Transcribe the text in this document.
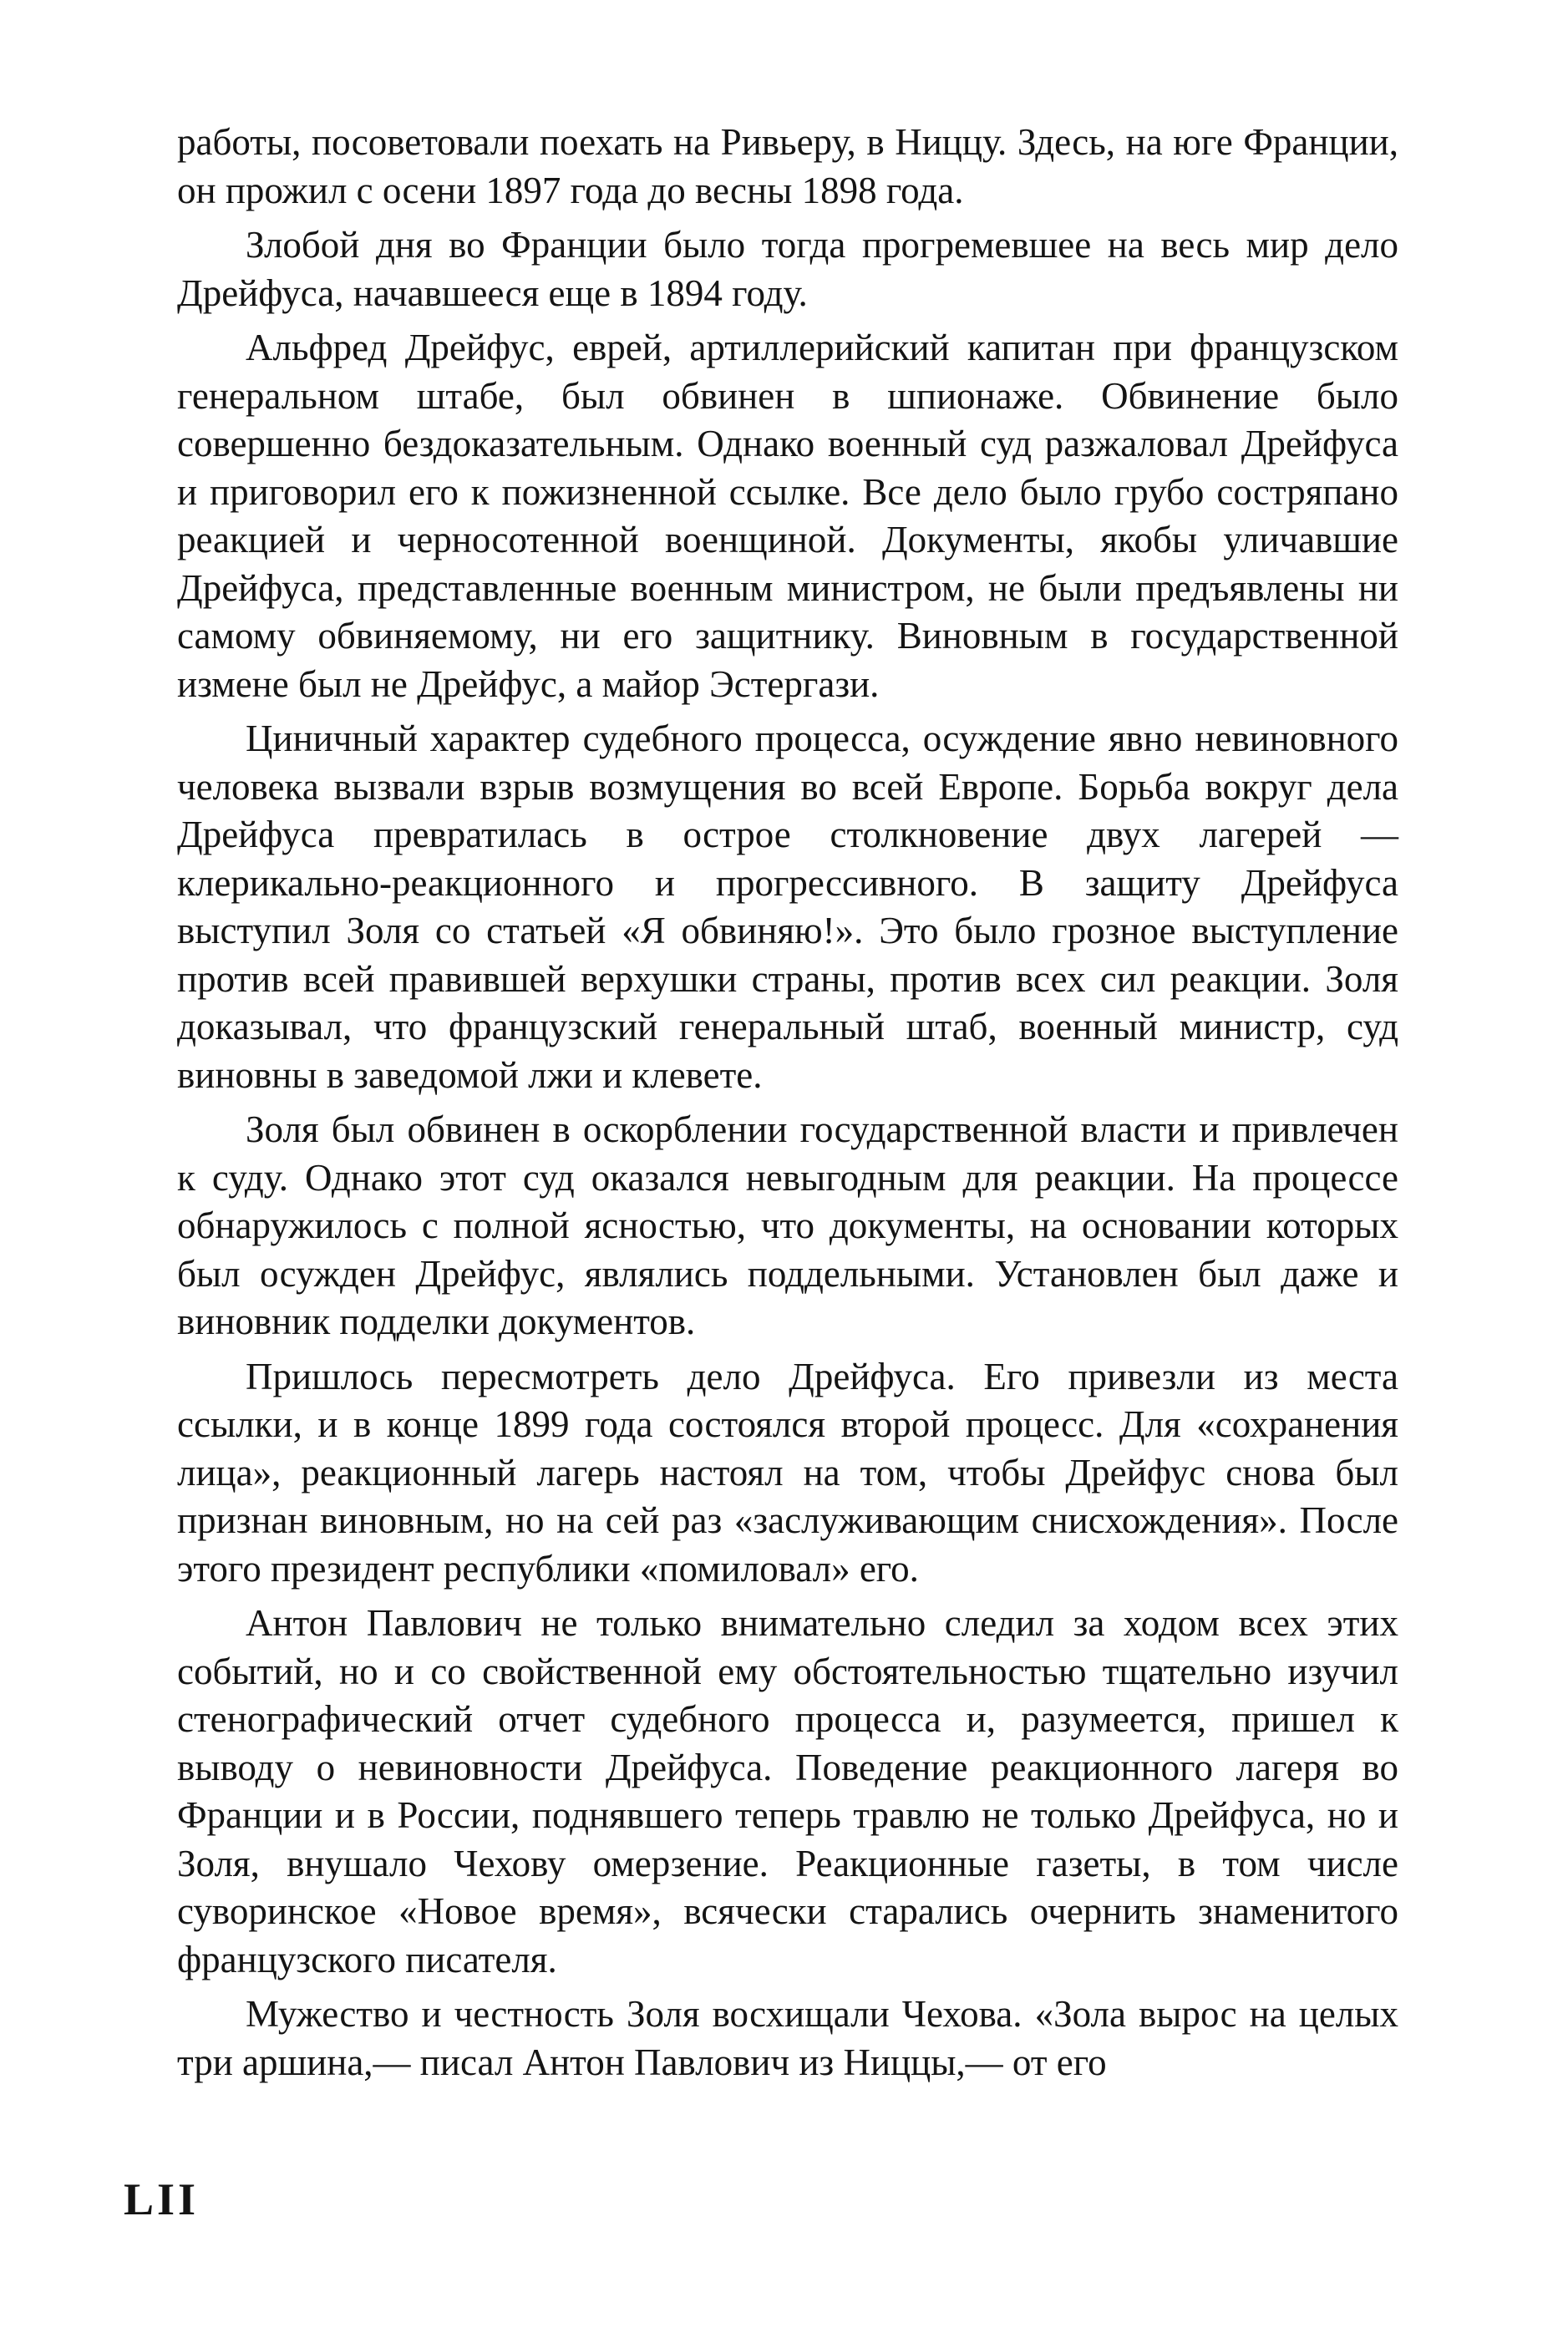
работы, посоветовали поехать на Ривьеру, в Ниццу. Здесь, на юге Франции, он прожил с осени 1897 года до весны 1898 года.

Злобой дня во Франции было тогда прогремевшее на весь мир дело Дрейфуса, начавшееся еще в 1894 году.

Альфред Дрейфус, еврей, артиллерийский капитан при французском генеральном штабе, был обвинен в шпионаже. Обвинение было совершенно бездоказательным. Однако военный суд разжаловал Дрейфуса и приговорил его к пожизненной ссылке. Все дело было грубо состряпано реакцией и черносотенной военщиной. Документы, якобы уличавшие Дрейфуса, представленные военным министром, не были предъявлены ни самому обвиняемому, ни его защитнику. Виновным в государственной измене был не Дрейфус, а майор Эстергази.

Циничный характер судебного процесса, осуждение явно невиновного человека вызвали взрыв возмущения во всей Европе. Борьба вокруг дела Дрейфуса превратилась в острое столкновение двух лагерей — клерикально-реакционного и прогрессивного. В защиту Дрейфуса выступил Золя со статьей «Я обвиняю!». Это было грозное выступление против всей правившей верхушки страны, против всех сил реакции. Золя доказывал, что французский генеральный штаб, военный министр, суд виновны в заведомой лжи и клевете.

Золя был обвинен в оскорблении государственной власти и привлечен к суду. Однако этот суд оказался невыгодным для реакции. На процессе обнаружилось с полной ясностью, что документы, на основании которых был осужден Дрейфус, являлись поддельными. Установлен был даже и виновник подделки документов.

Пришлось пересмотреть дело Дрейфуса. Его привезли из места ссылки, и в конце 1899 года состоялся второй процесс. Для «сохранения лица», реакционный лагерь настоял на том, чтобы Дрейфус снова был признан виновным, но на сей раз «заслуживающим снисхождения». После этого президент республики «помиловал» его.

Антон Павлович не только внимательно следил за ходом всех этих событий, но и со свойственной ему обстоятельностью тщательно изучил стенографический отчет судебного процесса и, разумеется, пришел к выводу о невиновности Дрейфуса. Поведение реакционного лагеря во Франции и в России, поднявшего теперь травлю не только Дрейфуса, но и Золя, внушало Чехову омерзение. Реакционные газеты, в том числе суворинское «Новое время», всячески старались очернить знаменитого французского писателя.

Мужество и честность Золя восхищали Чехова. «Зола вырос на целых три аршина,— писал Антон Павлович из Ниццы,— от его

LII
